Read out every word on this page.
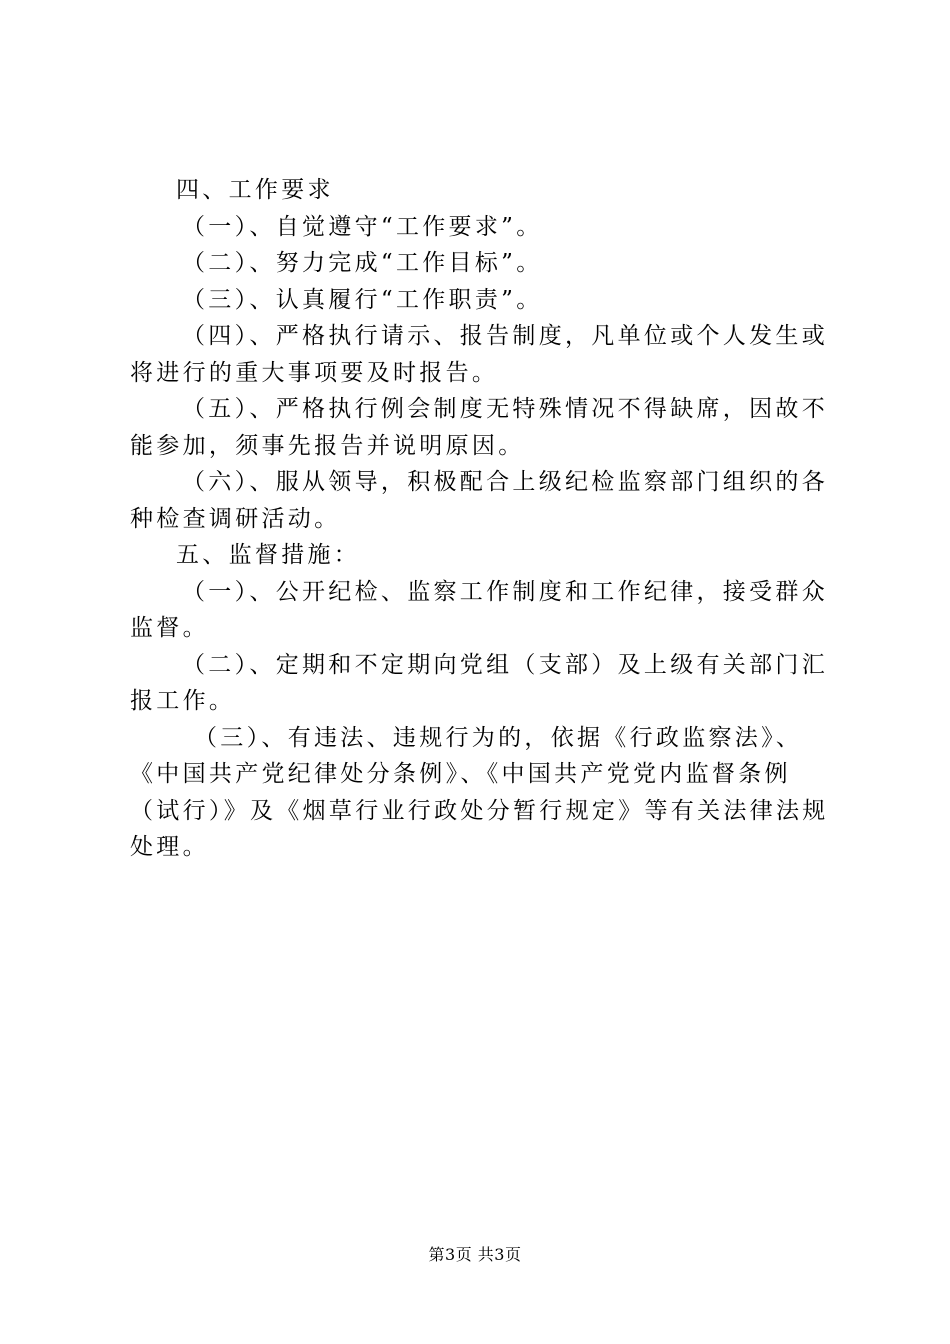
四、工作要求

（一）、自觉遵守“工作要求”。

（二）、努力完成“工作目标”。

（三）、认真履行“工作职责”。

（四）、严格执行请示、报告制度，凡单位或个人发生或将进行的重大事项要及时报告。

（五）、严格执行例会制度无特殊情况不得缺席，因故不能参加，须事先报告并说明原因。

（六）、服从领导，积极配合上级纪检监察部门组织的各种检查调研活动。

五、监督措施：

（一）、公开纪检、监察工作制度和工作纪律，接受群众监督。

（二）、定期和不定期向党组（支部）及上级有关部门汇报工作。

（三）、有违法、违规行为的，依据《行政监察法》、《中国共产党纪律处分条例》、《中国共产党党内监督条例（试行）》及《烟草行业行政处分暂行规定》等有关法律法规处理。

第3页 共3页
